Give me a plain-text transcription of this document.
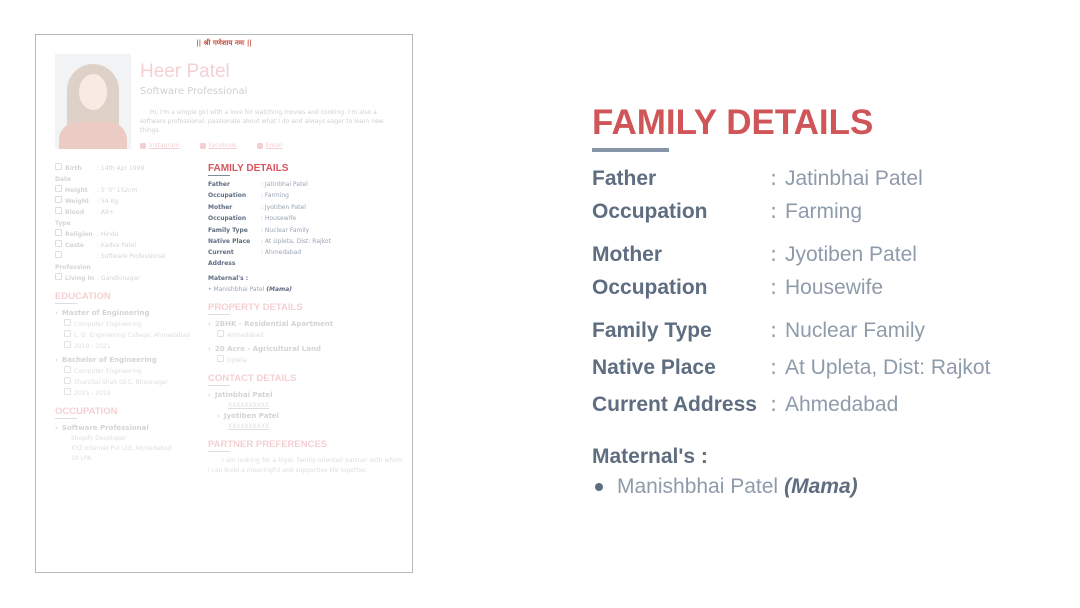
|| श्री गणेशाय नमः ||
Heer Patel
Software Professional
Hi, I'm a simple girl with a love for watching movies and cooking. I'm also a software professional, passionate about what I do and always eager to learn new things.
Instagram	Facebook	Email
Birth Date
: 14th Apr 1999
Height	: 5' 0" 152cm
Weight	: 54 Kg
Blood Type
: AB+
Religion : Hindu
Caste	: Kadva Patel
Profession
: Software Professional
Living In : Gandhinagar
EDUCATION
› Master of Engineering
Computer Engineering
L. D. Engineering College, Ahmedabad
2019 - 2021
› Bachelor of Engineering
Computer Engineering
Shantilal Shah GEC, Bhavnagar
2015 - 2019
OCCUPATION
› Software Professional
Shopify Developer
XYZ Internet Pvt Ltd, Ahmedabad
10 LPA
FAMILY DETAILS
Father	: Jatinbhai Patel
Occupation	: Farming
Mother	: Jyotiben Patel
Occupation	: Housewife
Family Type	: Nuclear Family
Native Place	: At Upleta, Dist: Rajkot
Current Address
: Ahmedabad
Maternal's :
• Manishbhai Patel
(Mama)
PROPERTY DETAILS
› 2BHK - Residential Apartment
Ahmedabad
› 20 Acre - Agricultural Land
Upleta
CONTACT DETAILS
› Jatinbhai Patel
XXXXXXXXXX
› Jyotiben Patel
XXXXXXXXXX
PARTNER PREFERENCES
I am looking for a loyal, family-oriented partner with whom I can build a meaningful and supportive life together.
FAMILY DETAILS
Father	: Jatinbhai Patel
Occupation	: Farming
Mother	: Jyotiben Patel
Occupation	: Housewife
Family Type	: Nuclear Family
Native Place	: At Upleta, Dist: Rajkot
Current Address : Ahmedabad
Maternal's :
Manishbhai Patel (Mama)
